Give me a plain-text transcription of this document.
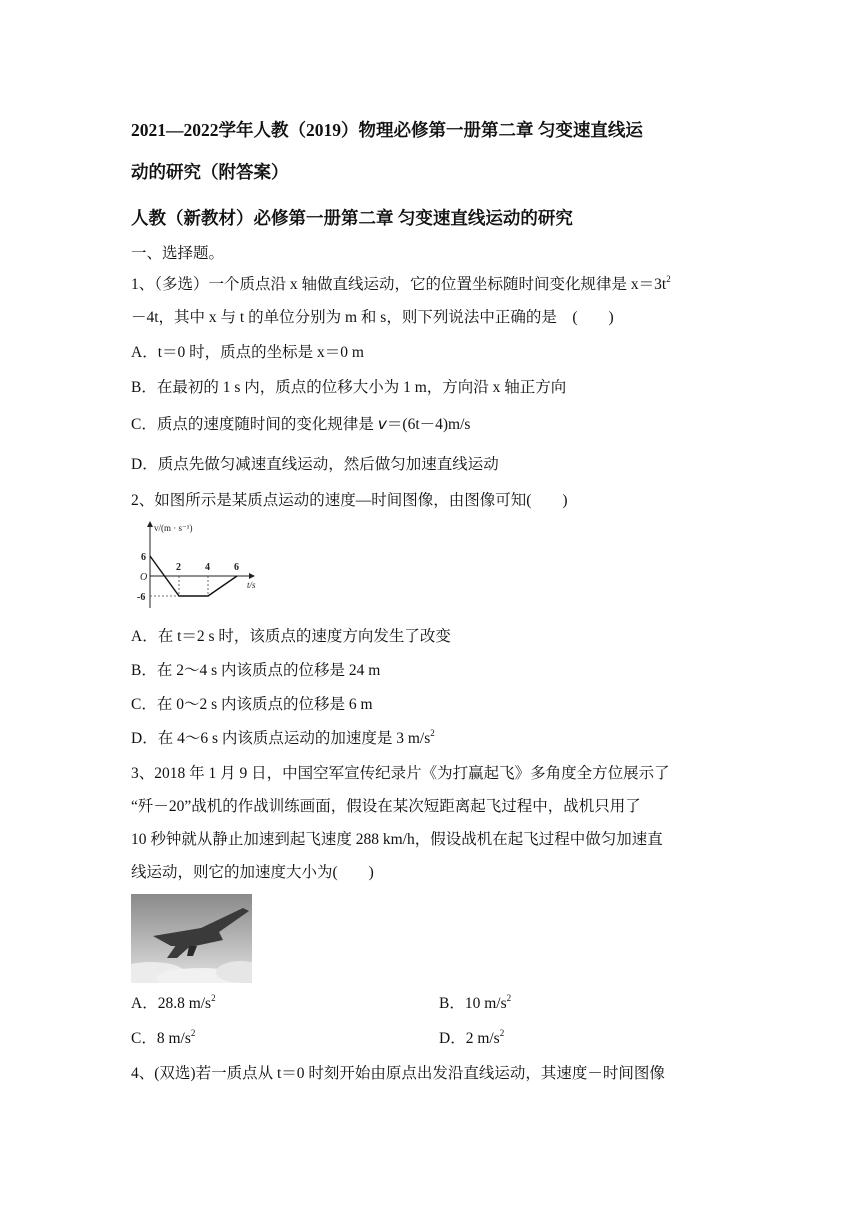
2021—2022学年人教（2019）物理必修第一册第二章 匀变速直线运
动的研究（附答案）
人教（新教材）必修第一册第二章 匀变速直线运动的研究
一、选择题。
1、（多选）一个质点沿 x 轴做直线运动，它的位置坐标随时间变化规律是 $x=3t^2$
－4t，其中 x 与 t 的单位分别为 m 和 s，则下列说法中正确的是　(　　)
A．t＝0 时，质点的坐标是 x＝0 m
B．在最初的 1 s 内，质点的位移大小为 1 m，方向沿 x 轴正方向
C．质点的速度随时间的变化规律是 v＝(6t－4)m/s
D．质点先做匀减速直线运动，然后做匀加速直线运动
2、如图所示是某质点运动的速度—时间图像，由图像可知(　　)
v/(m · s⁻¹)
t/s
O
6
-6
2 4 6
A．在 t＝2 s 时，该质点的速度方向发生了改变
B．在 2～4 s 内该质点的位移是 24 m
C．在 0～2 s 内该质点的位移是 6 m
D．在 4～6 s 内该质点运动的加速度是 3 $m/s^2$
3、2018 年 1 月 9 日，中国空军宣传纪录片《为打赢起飞》多角度全方位展示了
“歼－20”战机的作战训练画面，假设在某次短距离起飞过程中，战机只用了
10 秒钟就从静止加速到起飞速度 288 km/h，假设战机在起飞过程中做匀加速直
线运动，则它的加速度大小为(　　)
A．28.8 $m/s^2$	B．10 $m/s^2$
C．8 $m/s^2$	D．2 $m/s^2$
4、(双选)若一质点从 t＝0 时刻开始由原点出发沿直线运动，其速度－时间图像
